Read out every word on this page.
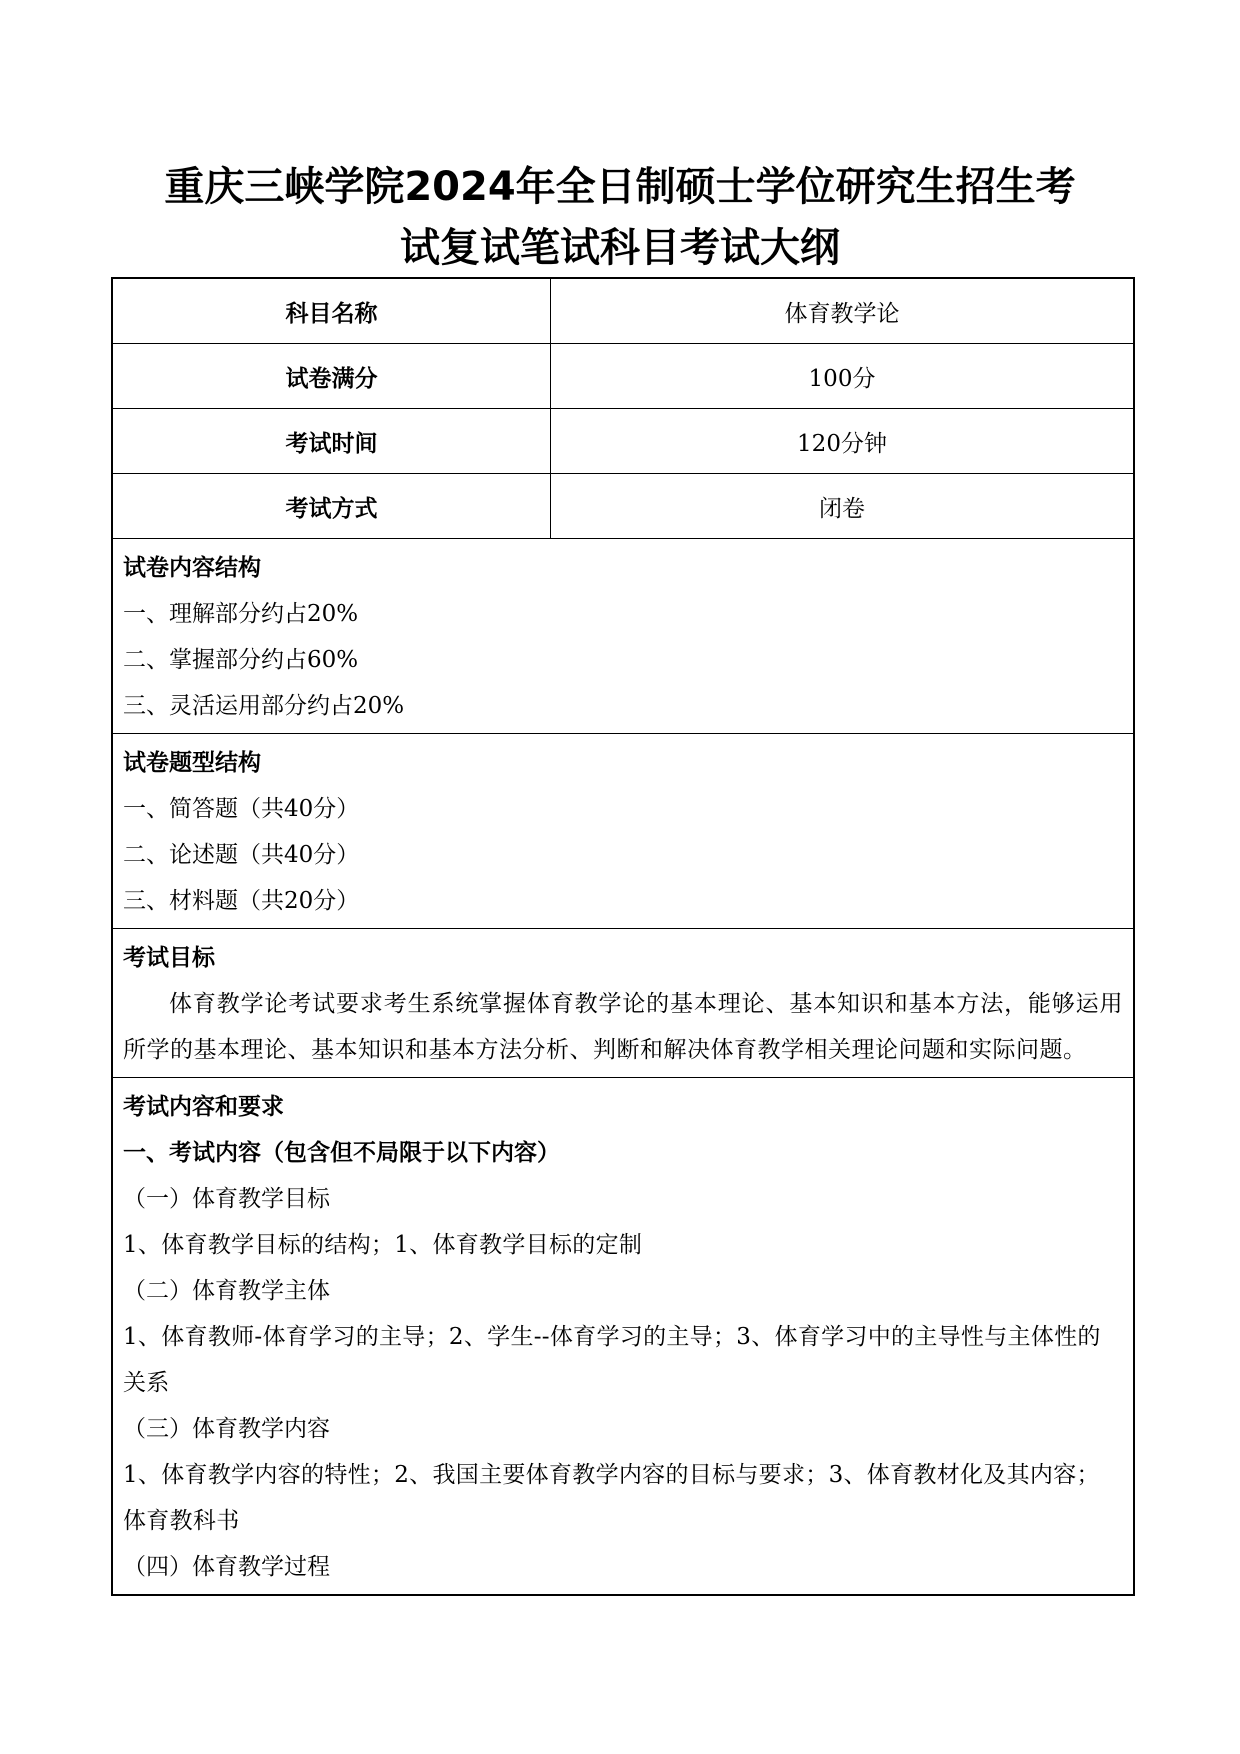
重庆三峡学院2024年全日制硕士学位研究生招生考
试复试笔试科目考试大纲
科目名称	体育教学论
试卷满分	100分
考试时间	120分钟
考试方式	闭卷
试卷内容结构
一、理解部分约占20%
二、掌握部分约占60%
三、灵活运用部分约占20%
试卷题型结构
一、简答题（共40分）
二、论述题（共40分）
三、材料题（共20分）
考试目标
体育教学论考试要求考生系统掌握体育教学论的基本理论、基本知识和基本方法，能够运用所学的基本理论、基本知识和基本方法分析、判断和解决体育教学相关理论问题和实际问题。
考试内容和要求
一、考试内容（包含但不局限于以下内容）
（一）体育教学目标
1、体育教学目标的结构；1、体育教学目标的定制
（二）体育教学主体
1、体育教师-体育学习的主导；2、学生--体育学习的主导；3、体育学习中的主导性与主体性的关系
（三）体育教学内容
1、体育教学内容的特性；2、我国主要体育教学内容的目标与要求；3、体育教材化及其内容；体育教科书
（四）体育教学过程
